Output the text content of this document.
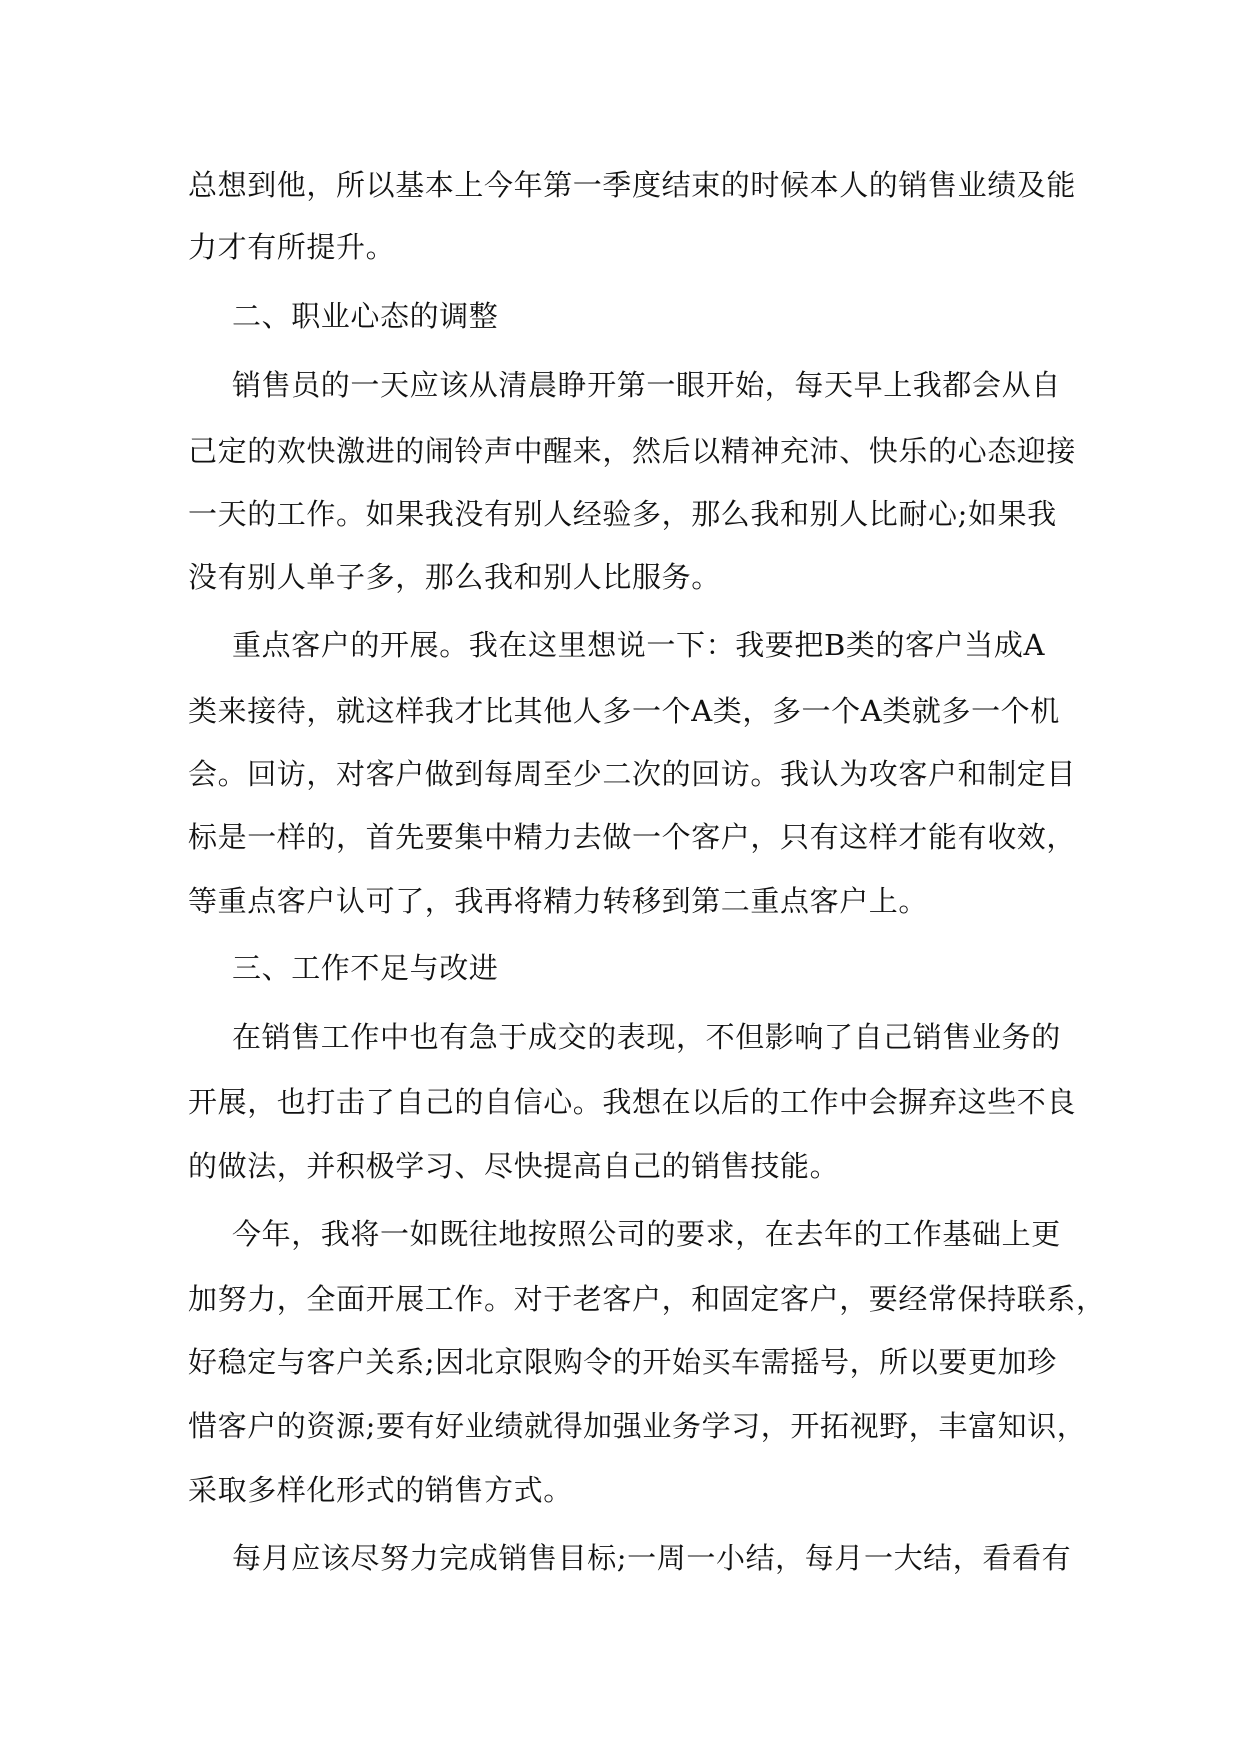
总想到他，所以基本上今年第一季度结束的时候本人的销售业绩及能
力才有所提升。
二、职业心态的调整
销售员的一天应该从清晨睁开第一眼开始，每天早上我都会从自
己定的欢快激进的闹铃声中醒来，然后以精神充沛、快乐的心态迎接
一天的工作。如果我没有别人经验多，那么我和别人比耐心;如果我
没有别人单子多，那么我和别人比服务。
重点客户的开展。我在这里想说一下：我要把B类的客户当成A
类来接待，就这样我才比其他人多一个A类，多一个A类就多一个机
会。回访，对客户做到每周至少二次的回访。我认为攻客户和制定目
标是一样的，首先要集中精力去做一个客户，只有这样才能有收效，
等重点客户认可了，我再将精力转移到第二重点客户上。
三、工作不足与改进
在销售工作中也有急于成交的表现，不但影响了自己销售业务的
开展，也打击了自己的自信心。我想在以后的工作中会摒弃这些不良
的做法，并积极学习、尽快提高自己的销售技能。
今年，我将一如既往地按照公司的要求，在去年的工作基础上更
加努力，全面开展工作。对于老客户，和固定客户，要经常保持联系，
好稳定与客户关系;因北京限购令的开始买车需摇号，所以要更加珍
惜客户的资源;要有好业绩就得加强业务学习，开拓视野，丰富知识，
采取多样化形式的销售方式。
每月应该尽努力完成销售目标;一周一小结，每月一大结，看看有
